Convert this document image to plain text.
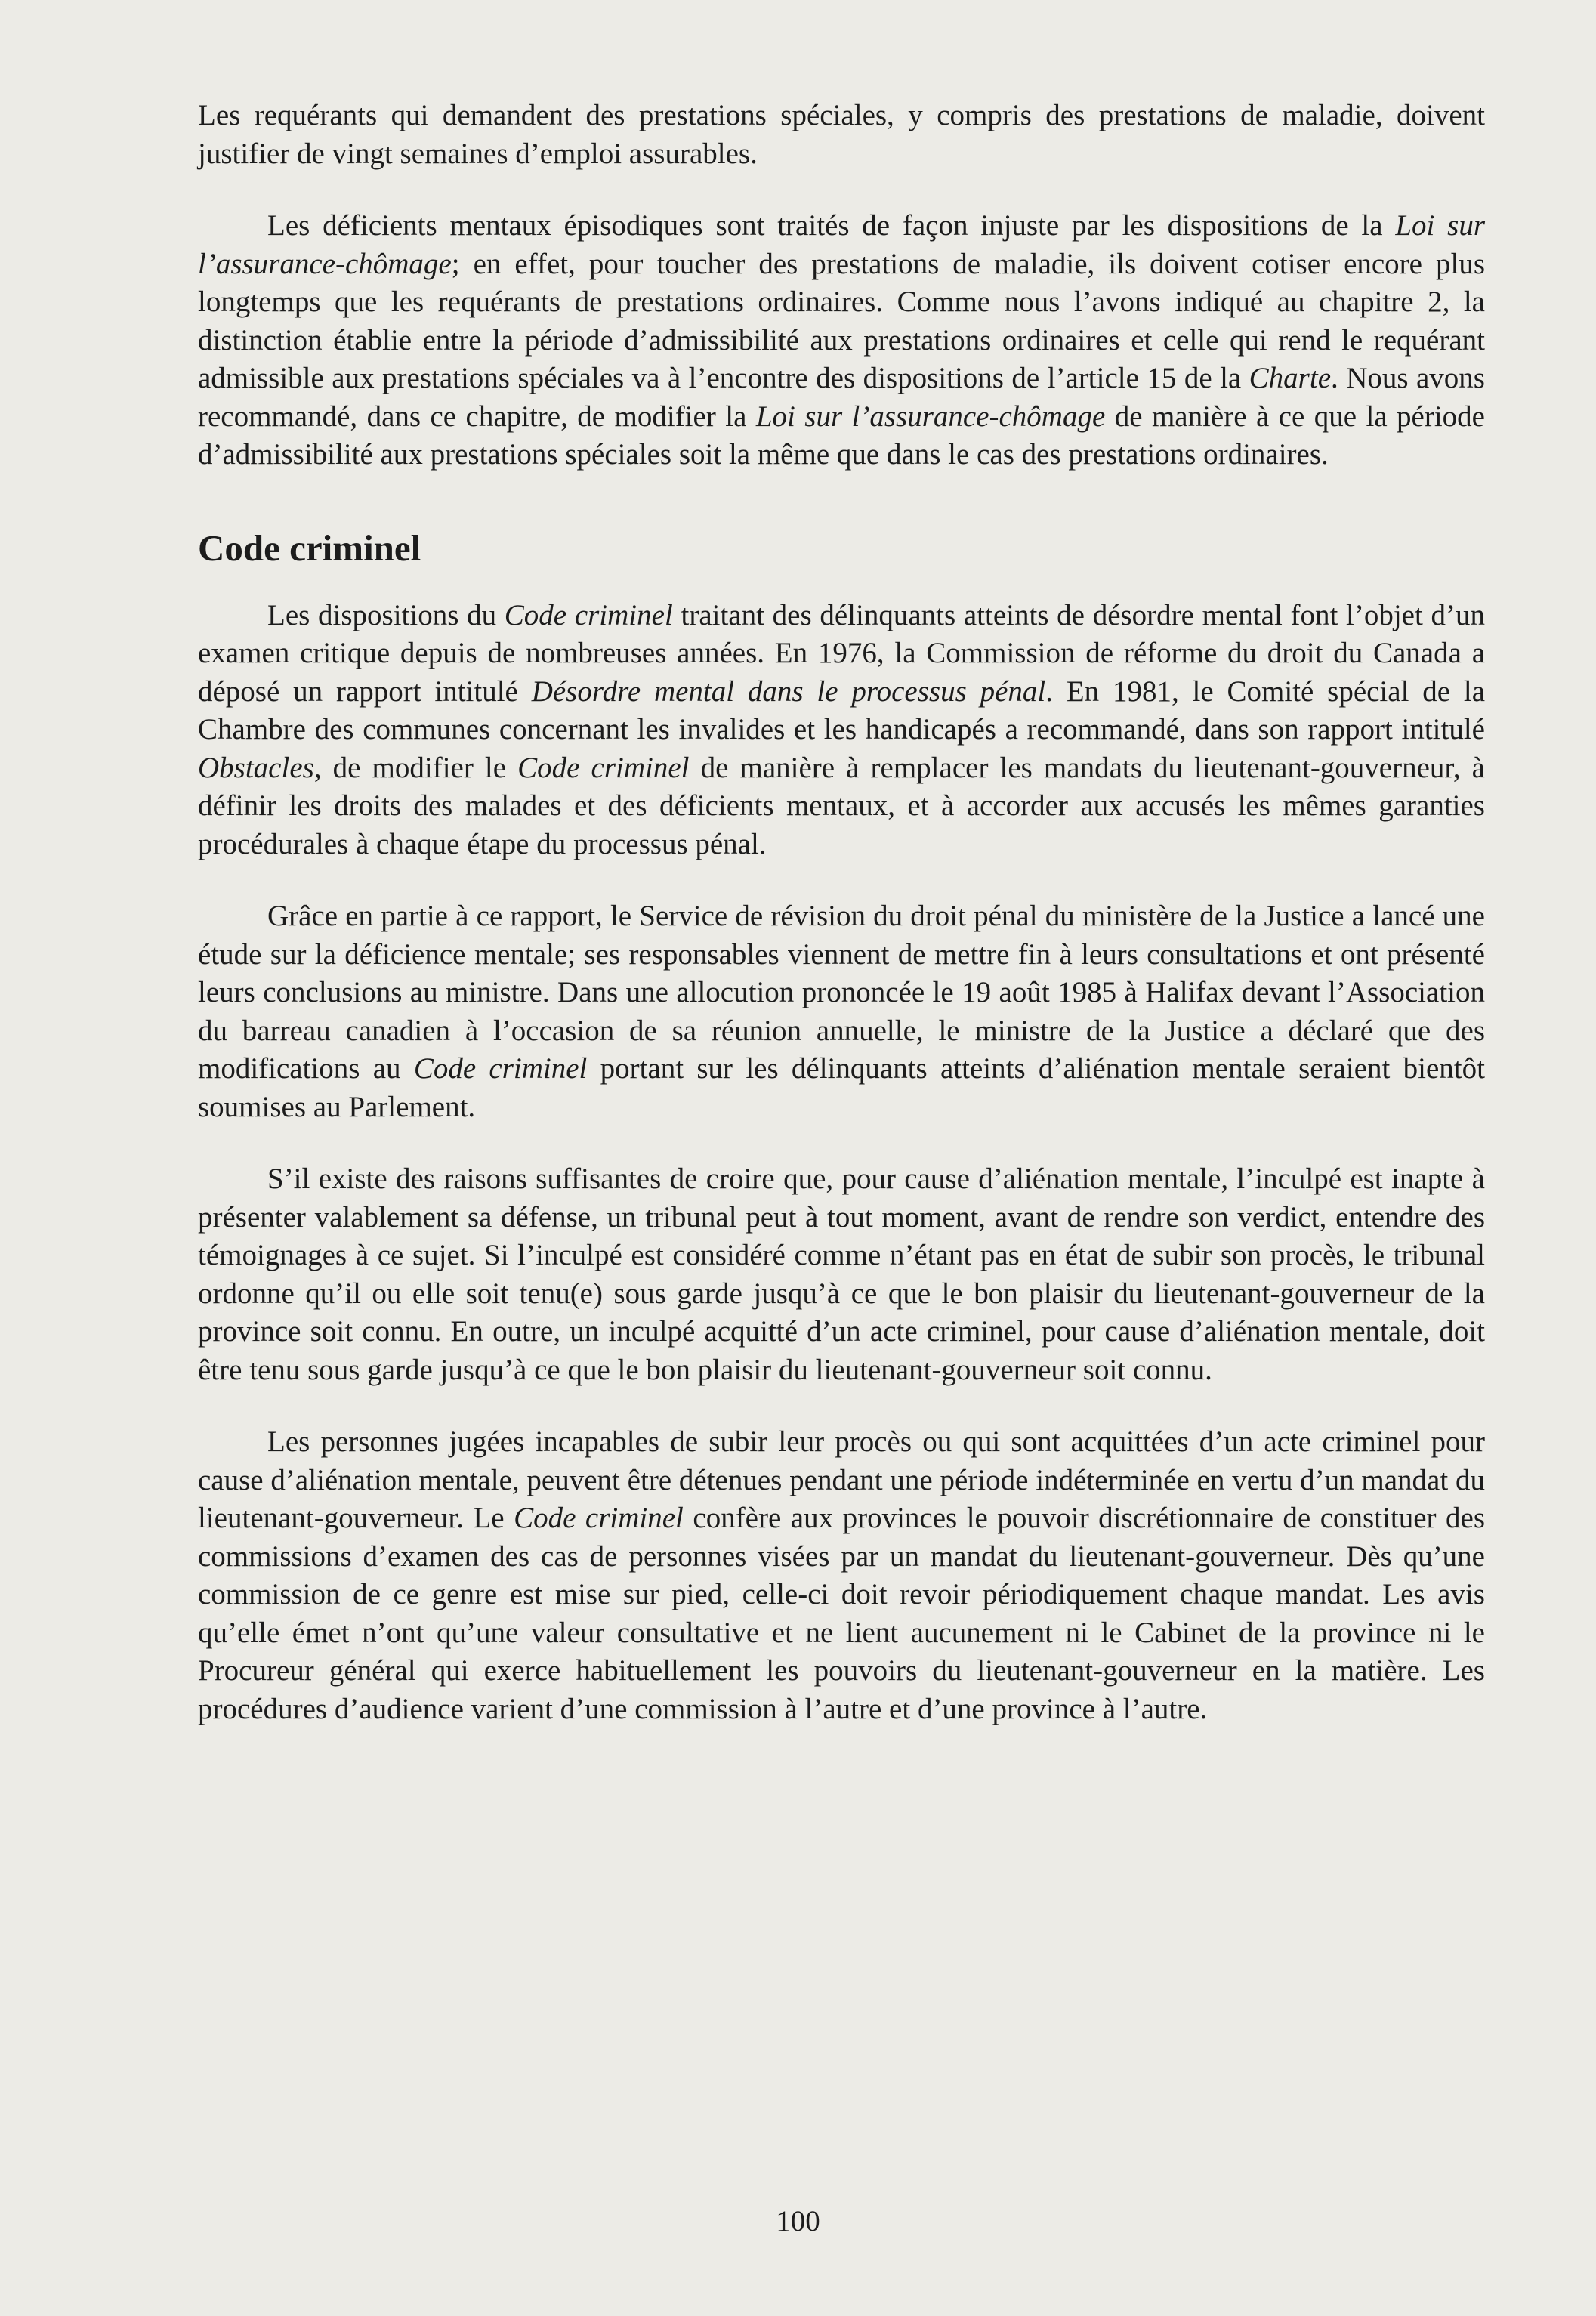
Les requérants qui demandent des prestations spéciales, y compris des prestations de maladie, doivent justifier de vingt semaines d’emploi assurables.

Les déficients mentaux épisodiques sont traités de façon injuste par les dispositions de la Loi sur l’assurance-chômage; en effet, pour toucher des prestations de maladie, ils doivent cotiser encore plus longtemps que les requérants de prestations ordinaires. Comme nous l’avons indiqué au chapitre 2, la distinction établie entre la période d’admissibilité aux prestations ordinaires et celle qui rend le requérant admissible aux prestations spéciales va à l’encontre des dispositions de l’article 15 de la Charte. Nous avons recommandé, dans ce chapitre, de modifier la Loi sur l’assurance-chômage de manière à ce que la période d’admissibilité aux prestations spéciales soit la même que dans le cas des prestations ordinaires.

Code criminel

Les dispositions du Code criminel traitant des délinquants atteints de désordre mental font l’objet d’un examen critique depuis de nombreuses années. En 1976, la Commission de réforme du droit du Canada a déposé un rapport intitulé Désordre mental dans le processus pénal. En 1981, le Comité spécial de la Chambre des communes concernant les invalides et les handicapés a recommandé, dans son rapport intitulé Obstacles, de modifier le Code criminel de manière à remplacer les mandats du lieutenant-gouverneur, à définir les droits des malades et des déficients mentaux, et à accorder aux accusés les mêmes garanties procédurales à chaque étape du processus pénal.

Grâce en partie à ce rapport, le Service de révision du droit pénal du ministère de la Justice a lancé une étude sur la déficience mentale; ses responsables viennent de mettre fin à leurs consultations et ont présenté leurs conclusions au ministre. Dans une allocution prononcée le 19 août 1985 à Halifax devant l’Association du barreau canadien à l’occasion de sa réunion annuelle, le ministre de la Justice a déclaré que des modifications au Code criminel portant sur les délinquants atteints d’aliénation mentale seraient bientôt soumises au Parlement.

S’il existe des raisons suffisantes de croire que, pour cause d’aliénation mentale, l’inculpé est inapte à présenter valablement sa défense, un tribunal peut à tout moment, avant de rendre son verdict, entendre des témoignages à ce sujet. Si l’inculpé est considéré comme n’étant pas en état de subir son procès, le tribunal ordonne qu’il ou elle soit tenu(e) sous garde jusqu’à ce que le bon plaisir du lieutenant-gouverneur de la province soit connu. En outre, un inculpé acquitté d’un acte criminel, pour cause d’aliénation mentale, doit être tenu sous garde jusqu’à ce que le bon plaisir du lieutenant-gouverneur soit connu.

Les personnes jugées incapables de subir leur procès ou qui sont acquittées d’un acte criminel pour cause d’aliénation mentale, peuvent être détenues pendant une période indéterminée en vertu d’un mandat du lieutenant-gouverneur. Le Code criminel confère aux provinces le pouvoir discrétionnaire de constituer des commissions d’examen des cas de personnes visées par un mandat du lieutenant-gouverneur. Dès qu’une commission de ce genre est mise sur pied, celle-ci doit revoir périodiquement chaque mandat. Les avis qu’elle émet n’ont qu’une valeur consultative et ne lient aucunement ni le Cabinet de la province ni le Procureur général qui exerce habituellement les pouvoirs du lieutenant-gouverneur en la matière. Les procédures d’audience varient d’une commission à l’autre et d’une province à l’autre.

100
